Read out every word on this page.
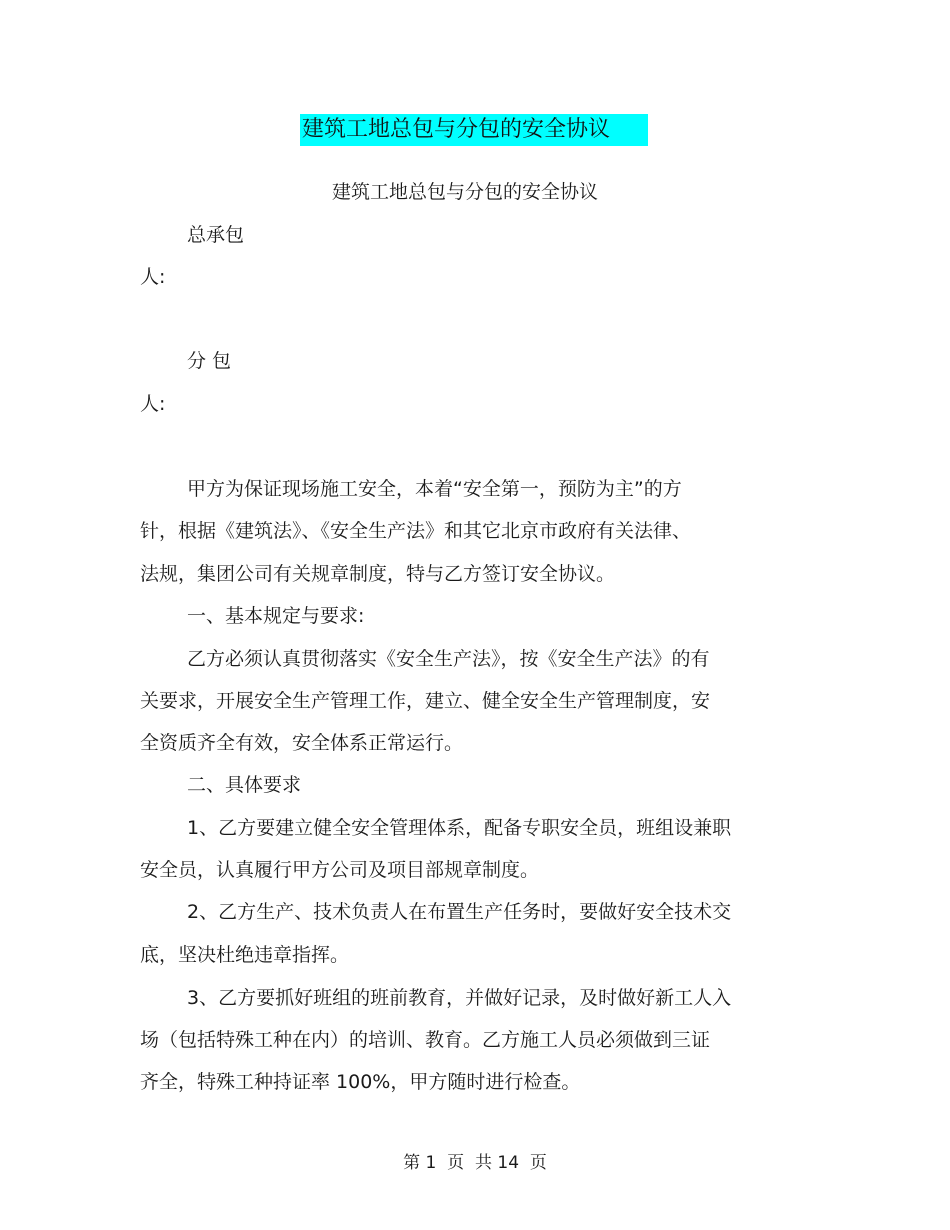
建筑工地总包与分包的安全协议
建筑工地总包与分包的安全协议
总承包
人:
分 包
人:
甲方为保证现场施工安全，本着“安全第一，预防为主”的方
针，根据《建筑法》、《安全生产法》和其它北京市政府有关法律、
法规，集团公司有关规章制度，特与乙方签订安全协议。
一、基本规定与要求:
乙方必须认真贯彻落实《安全生产法》，按《安全生产法》的有
关要求，开展安全生产管理工作，建立、健全安全生产管理制度，安
全资质齐全有效，安全体系正常运行。
二、具体要求
1、乙方要建立健全安全管理体系，配备专职安全员，班组设兼职
安全员，认真履行甲方公司及项目部规章制度。
2、乙方生产、技术负责人在布置生产任务时，要做好安全技术交
底，坚决杜绝违章指挥。
3、乙方要抓好班组的班前教育，并做好记录，及时做好新工人入
场（包括特殊工种在内）的培训、教育。乙方施工人员必须做到三证
齐全，特殊工种持证率 100%，甲方随时进行检查。
第 1  页  共 14  页
